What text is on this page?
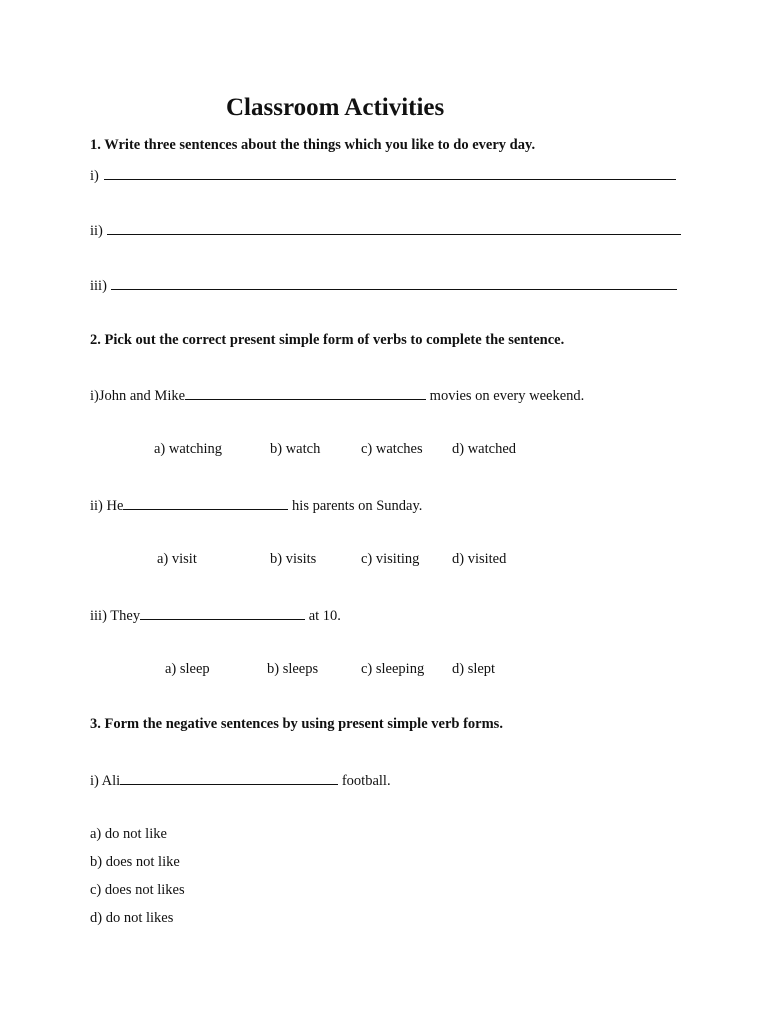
Classroom Activities
1. Write three sentences about the things which you like to do every day.
i)
ii)
iii)
2. Pick out the correct present simple form of verbs to complete the sentence.
i)John and Mike	movies on every weekend.
a) watching	b) watch	c) watches d) watched
ii) He	his parents on Sunday.
a) visit	b) visits	c) visiting d) visited
iii) They	at 10.
a) sleep	b) sleeps	c) sleeping d) slept
3. Form the negative sentences by using present simple verb forms.
i) Ali	football.
a) do not like
b) does not like
c) does not likes
d) do not likes
